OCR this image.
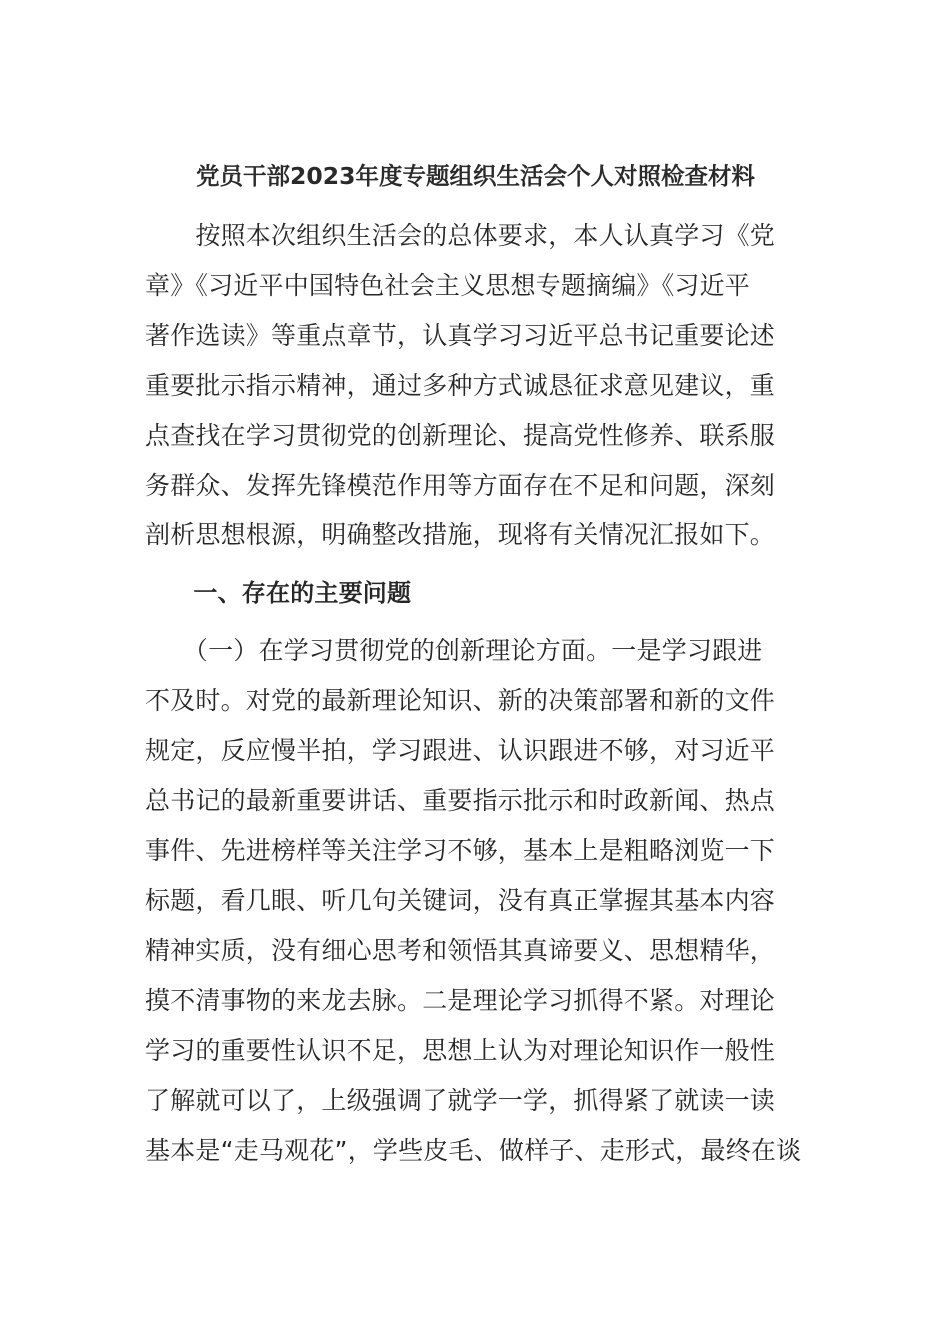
党员干部2023年度专题组织生活会个人对照检查材料
　　按照本次组织生活会的总体要求，本人认真学习《党
章》《习近平中国特色社会主义思想专题摘编》《习近平
著作选读》等重点章节，认真学习习近平总书记重要论述
重要批示指示精神，通过多种方式诚恳征求意见建议，重
点查找在学习贯彻党的创新理论、提高党性修养、联系服
务群众、发挥先锋模范作用等方面存在不足和问题，深刻
剖析思想根源，明确整改措施，现将有关情况汇报如下。
　　一、存在的主要问题
　　（一）在学习贯彻党的创新理论方面。一是学习跟进
不及时。对党的最新理论知识、新的决策部署和新的文件
规定，反应慢半拍，学习跟进、认识跟进不够，对习近平
总书记的最新重要讲话、重要指示批示和时政新闻、热点
事件、先进榜样等关注学习不够，基本上是粗略浏览一下
标题，看几眼、听几句关键词，没有真正掌握其基本内容
精神实质，没有细心思考和领悟其真谛要义、思想精华，
摸不清事物的来龙去脉。二是理论学习抓得不紧。对理论
学习的重要性认识不足，思想上认为对理论知识作一般性
了解就可以了，上级强调了就学一学，抓得紧了就读一读
基本是“走马观花”，学些皮毛、做样子、走形式，最终在谈
